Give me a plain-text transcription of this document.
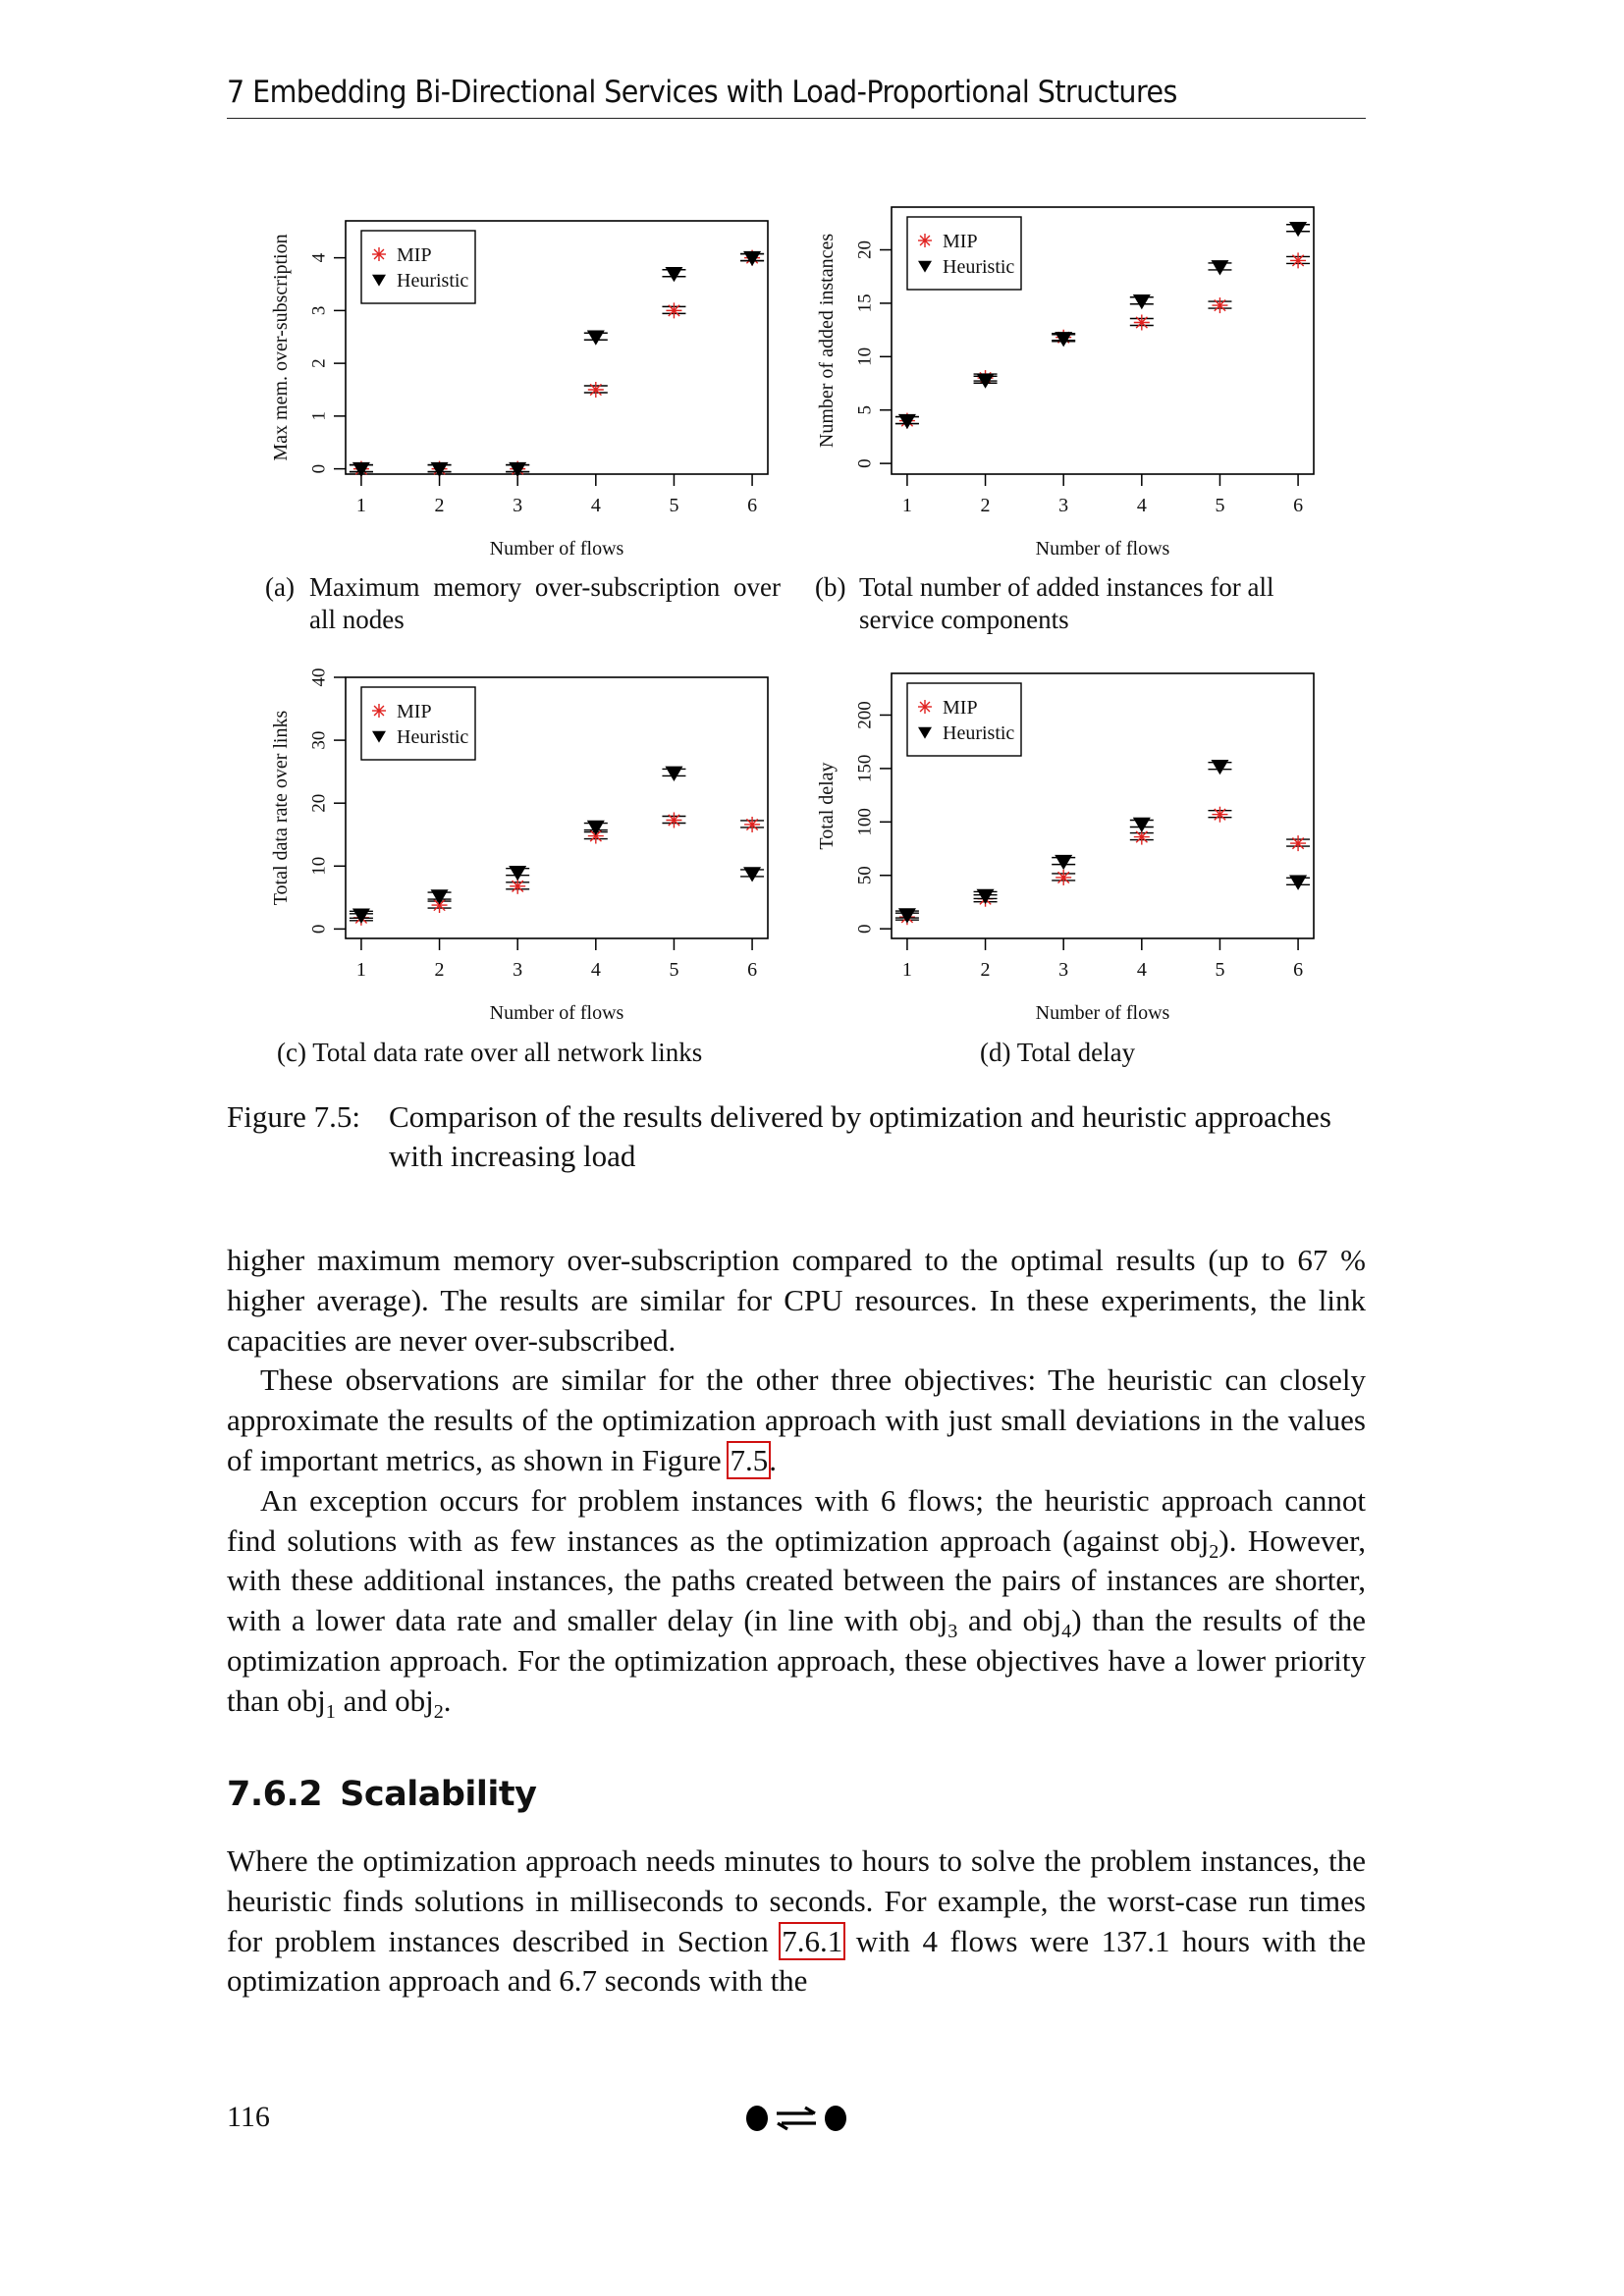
7 Embedding Bi-Directional Services with Load-Proportional Structures
0
1
2
3
4
Max mem. over-subscription
1	2	3	4	5	6
Number of flows
MIP
Heuristic
0
5
10
15
20
Number of added instances
1	2	3	4	5	6
Number of flows
MIP
Heuristic
0
10
20
30
40
Total data rate over links
1	2	3	4	5	6
Number of flows
MIP
Heuristic
0
50
100
150
200
Total delay
1	2	3	4	5	6
Number of flows
MIP
Heuristic
(a) Maximum memory over-subscription over all nodes
(b) Total number of added instances for all service components
(c) Total data rate over all network links	(d) Total delay
Figure 7.5: Comparison of the results delivered by optimization and heuristic approaches with increasing load

higher maximum memory over-subscription compared to the optimal results (up to 67 % higher average). The results are similar for CPU resources. In these experiments, the link capacities are never over-subscribed.

These observations are similar for the other three objectives: The heuristic can closely approximate the results of the optimization approach with just small deviations in the values of important metrics, as shown in Figure 7.5.

An exception occurs for problem instances with 6 flows; the heuristic approach cannot find solutions with as few instances as the optimization approach (against obj$_2$). However, with these additional instances, the paths created between the pairs of instances are shorter, with a lower data rate and smaller delay (in line with obj$_3$ and obj$_4$) than the results of the optimization approach. For the optimization approach, these objectives have a lower priority than obj$_1$ and obj$_2$.

7.6.2 Scalability

Where the optimization approach needs minutes to hours to solve the problem instances, the heuristic finds solutions in milliseconds to seconds. For example, the worst-case run times for problem instances described in Section 7.6.1 with 4 flows were 137.1 hours with the optimization approach and 6.7 seconds with the

116
